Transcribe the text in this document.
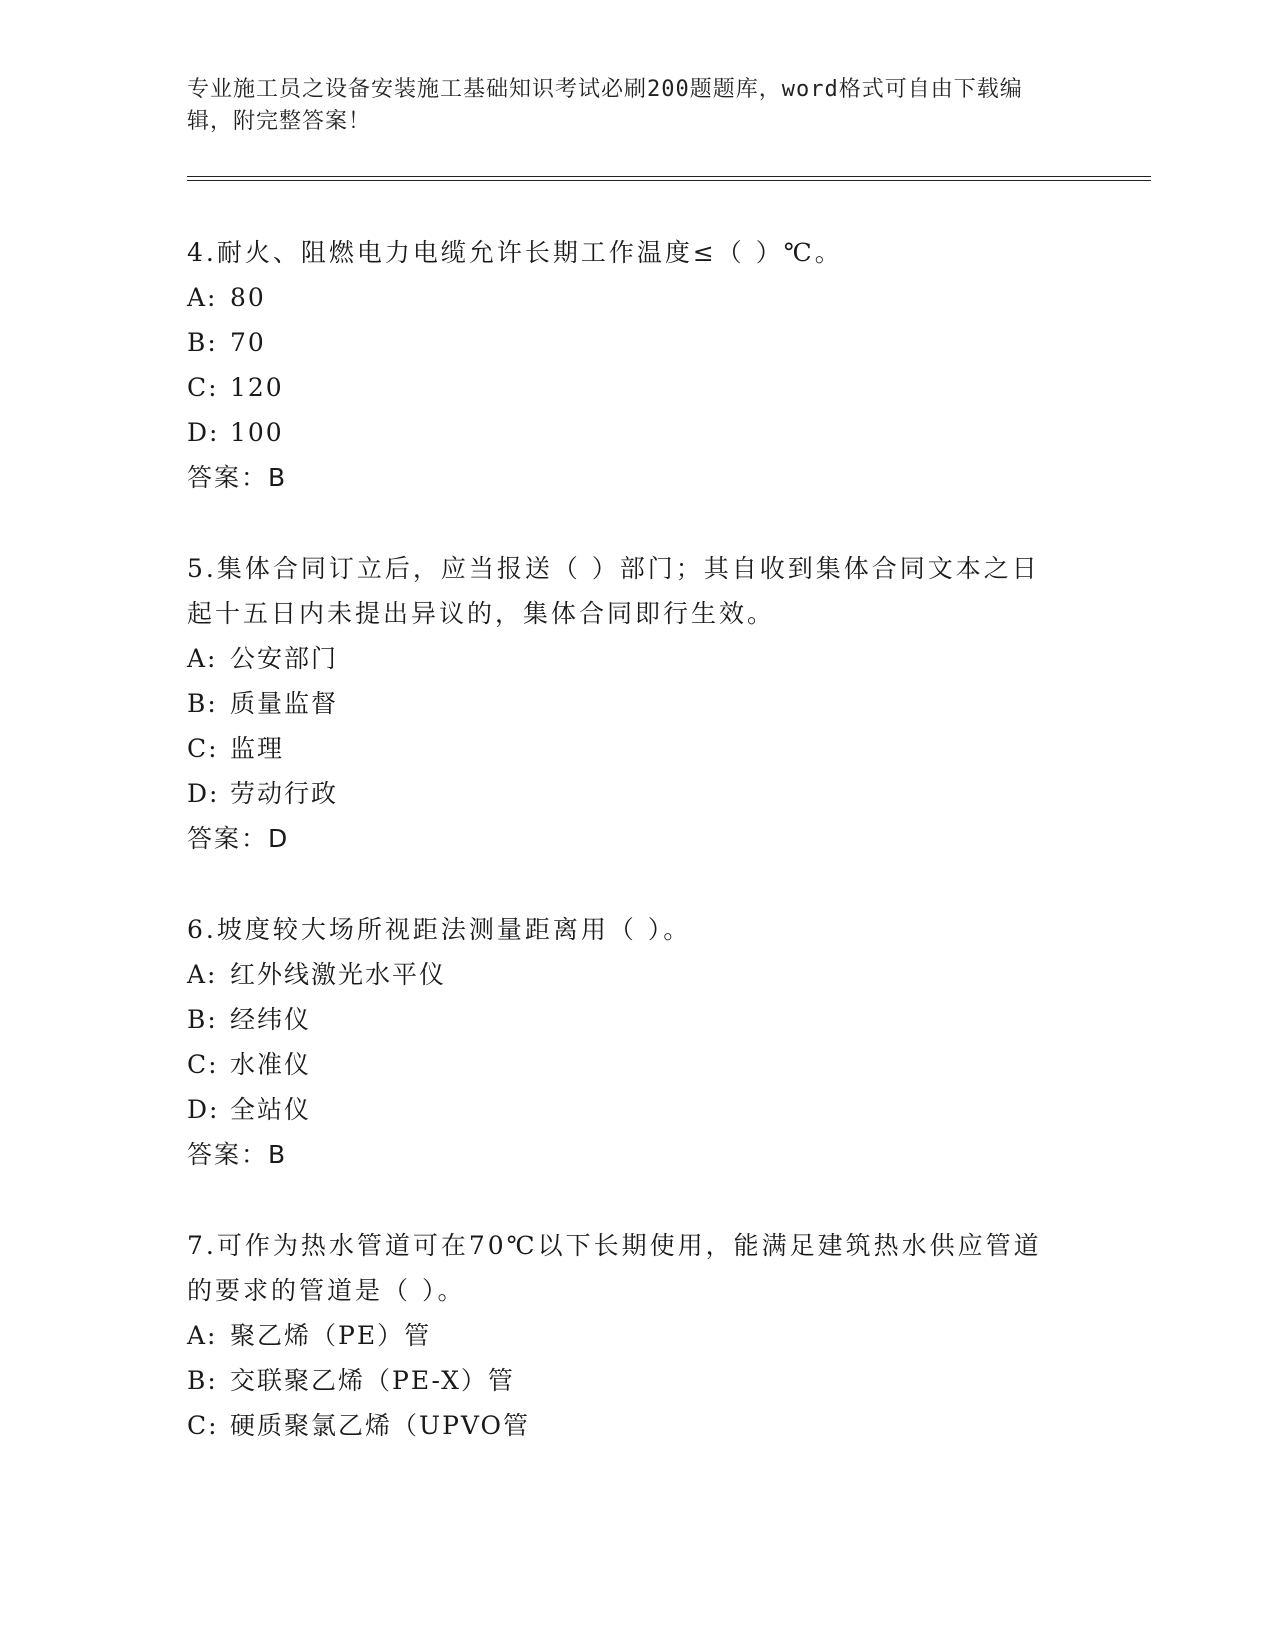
专业施工员之设备安装施工基础知识考试必刷200题题库，word格式可自由下载编辑，附完整答案！

4.耐火、阻燃电力电缆允许长期工作温度≤（ ）℃。

A: 80

B: 70

C: 120

D: 100

答案：B

5.集体合同订立后，应当报送（ ）部门；其自收到集体合同文本之日起十五日内未提出异议的，集体合同即行生效。

A: 公安部门

B: 质量监督

C: 监理

D: 劳动行政

答案：D

6.坡度较大场所视距法测量距离用（ ）。

A: 红外线激光水平仪

B: 经纬仪

C: 水准仪

D: 全站仪

答案：B

7.可作为热水管道可在70℃以下长期使用，能满足建筑热水供应管道的要求的管道是（ ）。

A: 聚乙烯（PE）管

B: 交联聚乙烯（PE-X）管

C: 硬质聚氯乙烯（UPVO管
